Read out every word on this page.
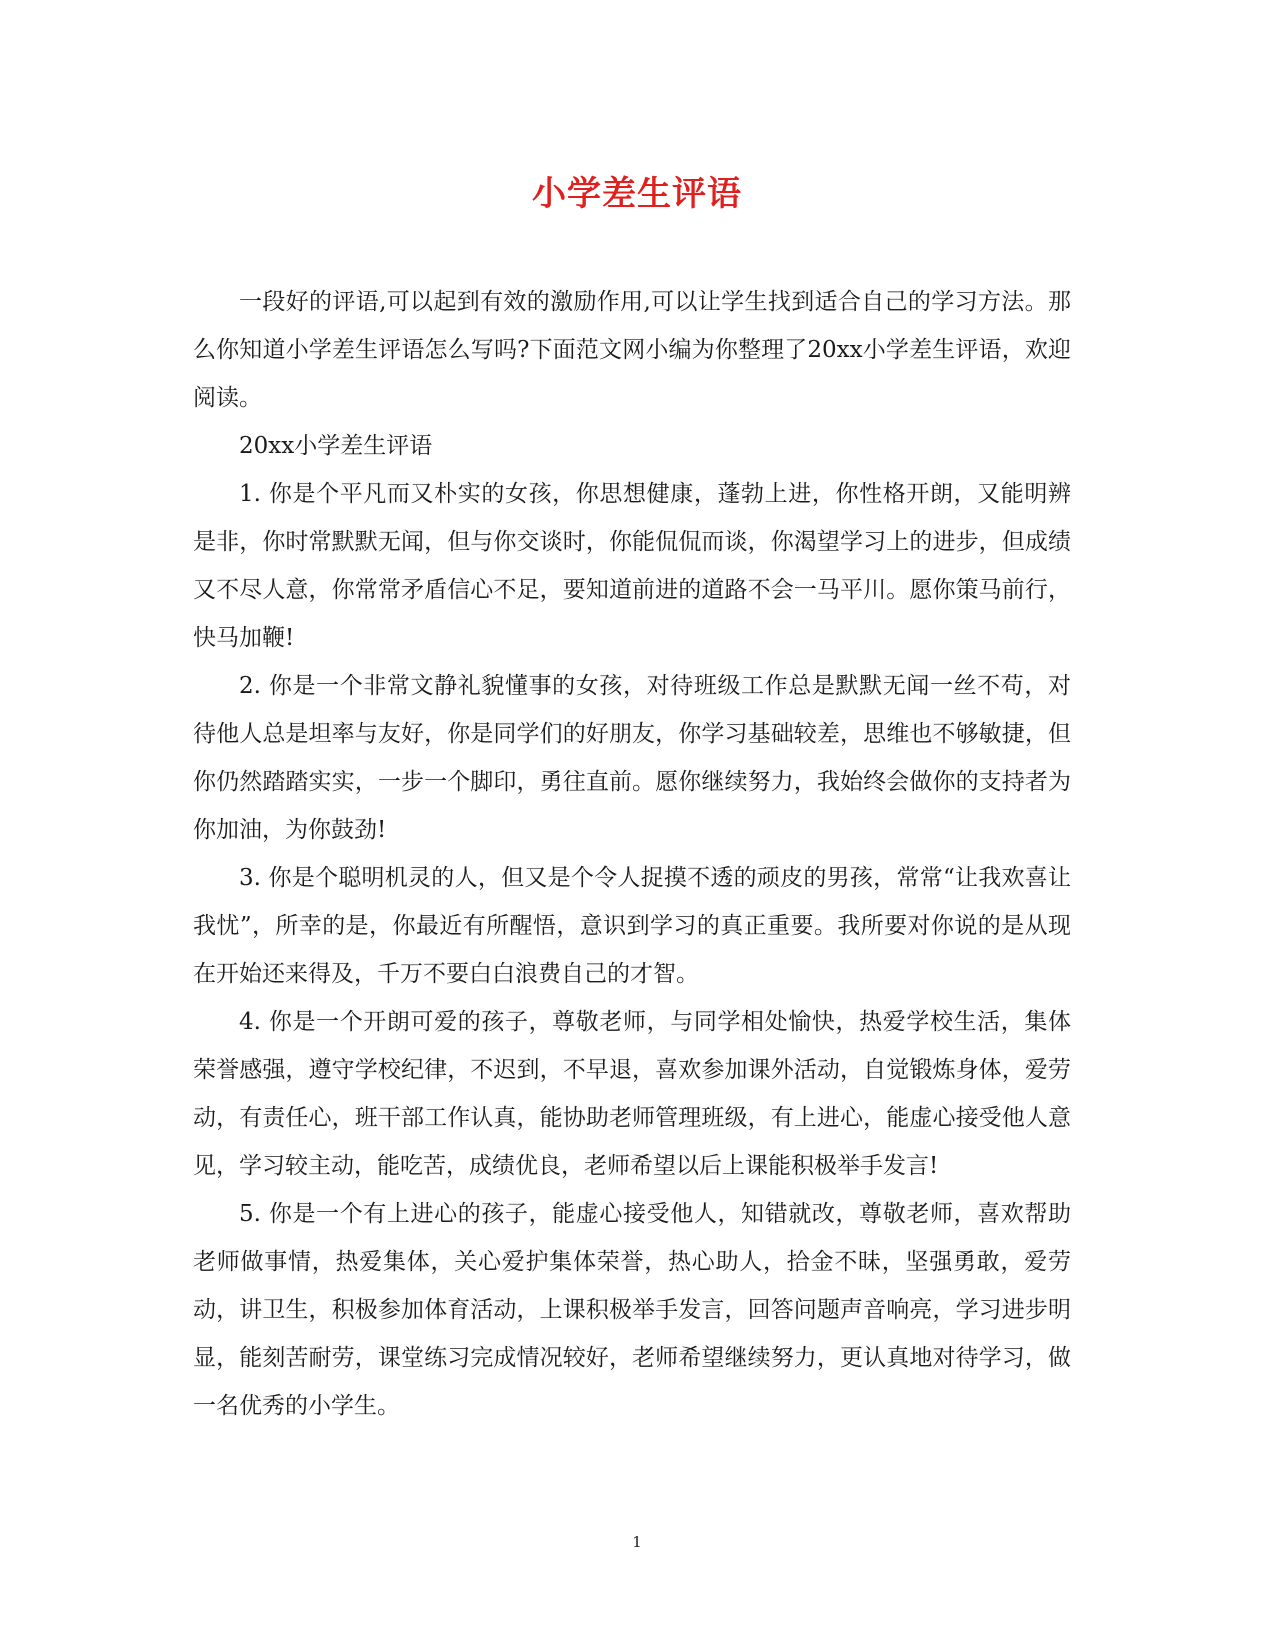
小学差生评语

一段好的评语,可以起到有效的激励作用,可以让学生找到适合自己的学习方法。那么你知道小学差生评语怎么写吗?下面范文网小编为你整理了20xx小学差生评语，欢迎阅读。

20xx小学差生评语

1. 你是个平凡而又朴实的女孩，你思想健康，蓬勃上进，你性格开朗，又能明辨是非，你时常默默无闻，但与你交谈时，你能侃侃而谈，你渴望学习上的进步，但成绩又不尽人意，你常常矛盾信心不足，要知道前进的道路不会一马平川。愿你策马前行，快马加鞭!

2. 你是一个非常文静礼貌懂事的女孩，对待班级工作总是默默无闻一丝不苟，对待他人总是坦率与友好，你是同学们的好朋友，你学习基础较差，思维也不够敏捷，但你仍然踏踏实实，一步一个脚印，勇往直前。愿你继续努力，我始终会做你的支持者为你加油，为你鼓劲!

3. 你是个聪明机灵的人，但又是个令人捉摸不透的顽皮的男孩，常常“让我欢喜让我忧”，所幸的是，你最近有所醒悟，意识到学习的真正重要。我所要对你说的是从现在开始还来得及，千万不要白白浪费自己的才智。

4. 你是一个开朗可爱的孩子，尊敬老师，与同学相处愉快，热爱学校生活，集体荣誉感强，遵守学校纪律，不迟到，不早退，喜欢参加课外活动，自觉锻炼身体，爱劳动，有责任心，班干部工作认真，能协助老师管理班级，有上进心，能虚心接受他人意见，学习较主动，能吃苦，成绩优良，老师希望以后上课能积极举手发言!

5. 你是一个有上进心的孩子，能虚心接受他人，知错就改，尊敬老师，喜欢帮助老师做事情，热爱集体，关心爱护集体荣誉，热心助人，拾金不昧，坚强勇敢，爱劳动，讲卫生，积极参加体育活动，上课积极举手发言，回答问题声音响亮，学习进步明显，能刻苦耐劳，课堂练习完成情况较好，老师希望继续努力，更认真地对待学习，做一名优秀的小学生。

1
